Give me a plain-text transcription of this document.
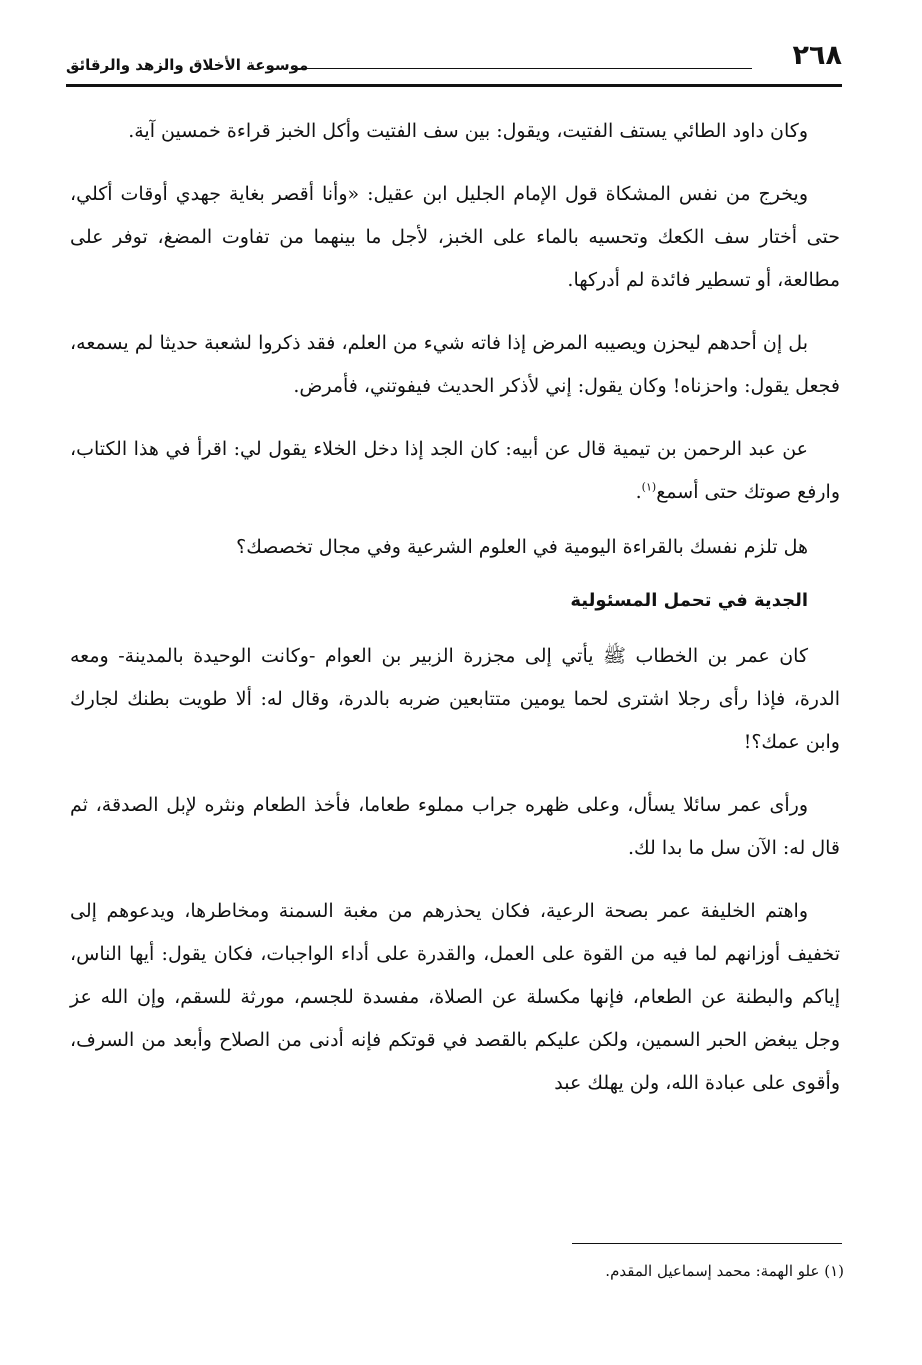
٢٦٨
موسوعة الأخلاق والزهد والرقائق

وكان داود الطائي يستف الفتيت، ويقول: بين سف الفتيت وأكل الخبز قراءة خمسين آية.

ويخرج من نفس المشكاة قول الإمام الجليل ابن عقيل: «وأنا أقصر بغاية جهدي أوقات أكلي، حتى أختار سف الكعك وتحسيه بالماء على الخبز، لأجل ما بينهما من تفاوت المضغ، توفر على مطالعة، أو تسطير فائدة لم أدركها.

بل إن أحدهم ليحزن ويصيبه المرض إذا فاته شيء من العلم، فقد ذكروا لشعبة حديثا لم يسمعه، فجعل يقول: واحزناه! وكان يقول: إني لأذكر الحديث فيفوتني، فأمرض.

عن عبد الرحمن بن تيمية قال عن أبيه: كان الجد إذا دخل الخلاء يقول لي: اقرأ في هذا الكتاب، وارفع صوتك حتى أسمع$^{(١)}$.

هل تلزم نفسك بالقراءة اليومية في العلوم الشرعية وفي مجال تخصصك؟

الجدية في تحمل المسئولية

كان عمر بن الخطاب ﷺ يأتي إلى مجزرة الزبير بن العوام -وكانت الوحيدة بالمدينة- ومعه الدرة، فإذا رأى رجلا اشترى لحما يومين متتابعين ضربه بالدرة، وقال له: ألا طويت بطنك لجارك وابن عمك؟!

ورأى عمر سائلا يسأل، وعلى ظهره جراب مملوء طعاما، فأخذ الطعام ونثره لإبل الصدقة، ثم قال له: الآن سل ما بدا لك.

واهتم الخليفة عمر بصحة الرعية، فكان يحذرهم من مغبة السمنة ومخاطرها، ويدعوهم إلى تخفيف أوزانهم لما فيه من القوة على العمل، والقدرة على أداء الواجبات، فكان يقول: أيها الناس، إياكم والبطنة عن الطعام، فإنها مكسلة عن الصلاة، مفسدة للجسم، مورثة للسقم، وإن الله عز وجل يبغض الحبر السمين، ولكن عليكم بالقصد في قوتكم فإنه أدنى من الصلاح وأبعد من السرف، وأقوى على عبادة الله، ولن يهلك عبد

(١) علو الهمة: محمد إسماعيل المقدم.
